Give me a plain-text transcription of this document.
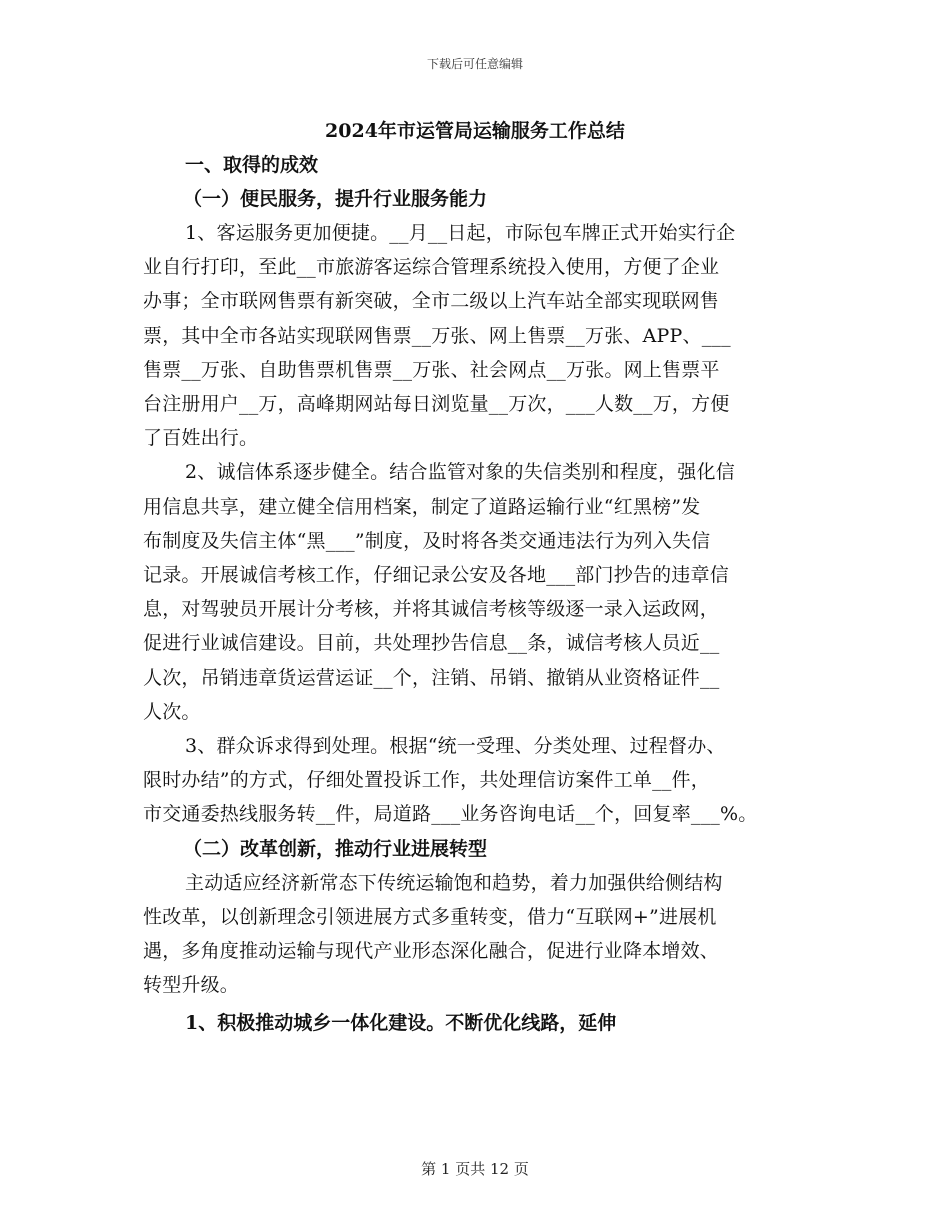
下载后可任意编辑
2024年市运管局运输服务工作总结
一、取得的成效
（一）便民服务，提升行业服务能力
1、客运服务更加便捷。__月__日起，市际包车牌正式开始实行企
业自行打印，至此__市旅游客运综合管理系统投入使用，方便了企业
办事；全市联网售票有新突破，全市二级以上汽车站全部实现联网售
票，其中全市各站实现联网售票__万张、网上售票__万张、APP、___
售票__万张、自助售票机售票__万张、社会网点__万张。网上售票平
台注册用户__万，高峰期网站每日浏览量__万次，___人数__万，方便
了百姓出行。
2、诚信体系逐步健全。结合监管对象的失信类别和程度，强化信
用信息共享，建立健全信用档案，制定了道路运输行业“红黑榜”发
布制度及失信主体“黑___”制度，及时将各类交通违法行为列入失信
记录。开展诚信考核工作，仔细记录公安及各地___部门抄告的违章信
息，对驾驶员开展计分考核，并将其诚信考核等级逐一录入运政网，
促进行业诚信建设。目前，共处理抄告信息__条，诚信考核人员近__
人次，吊销违章货运营运证__个，注销、吊销、撤销从业资格证件__
人次。
3、群众诉求得到处理。根据“统一受理、分类处理、过程督办、
限时办结”的方式，仔细处置投诉工作，共处理信访案件工单__件，
市交通委热线服务转__件，局道路___业务咨询电话__个，回复率___%。
（二）改革创新，推动行业进展转型
主动适应经济新常态下传统运输饱和趋势，着力加强供给侧结构
性改革，以创新理念引领进展方式多重转变，借力“互联网+”进展机
遇，多角度推动运输与现代产业形态深化融合，促进行业降本增效、
转型升级。
1、积极推动城乡一体化建设。不断优化线路，延伸
第 1 页共 12 页
